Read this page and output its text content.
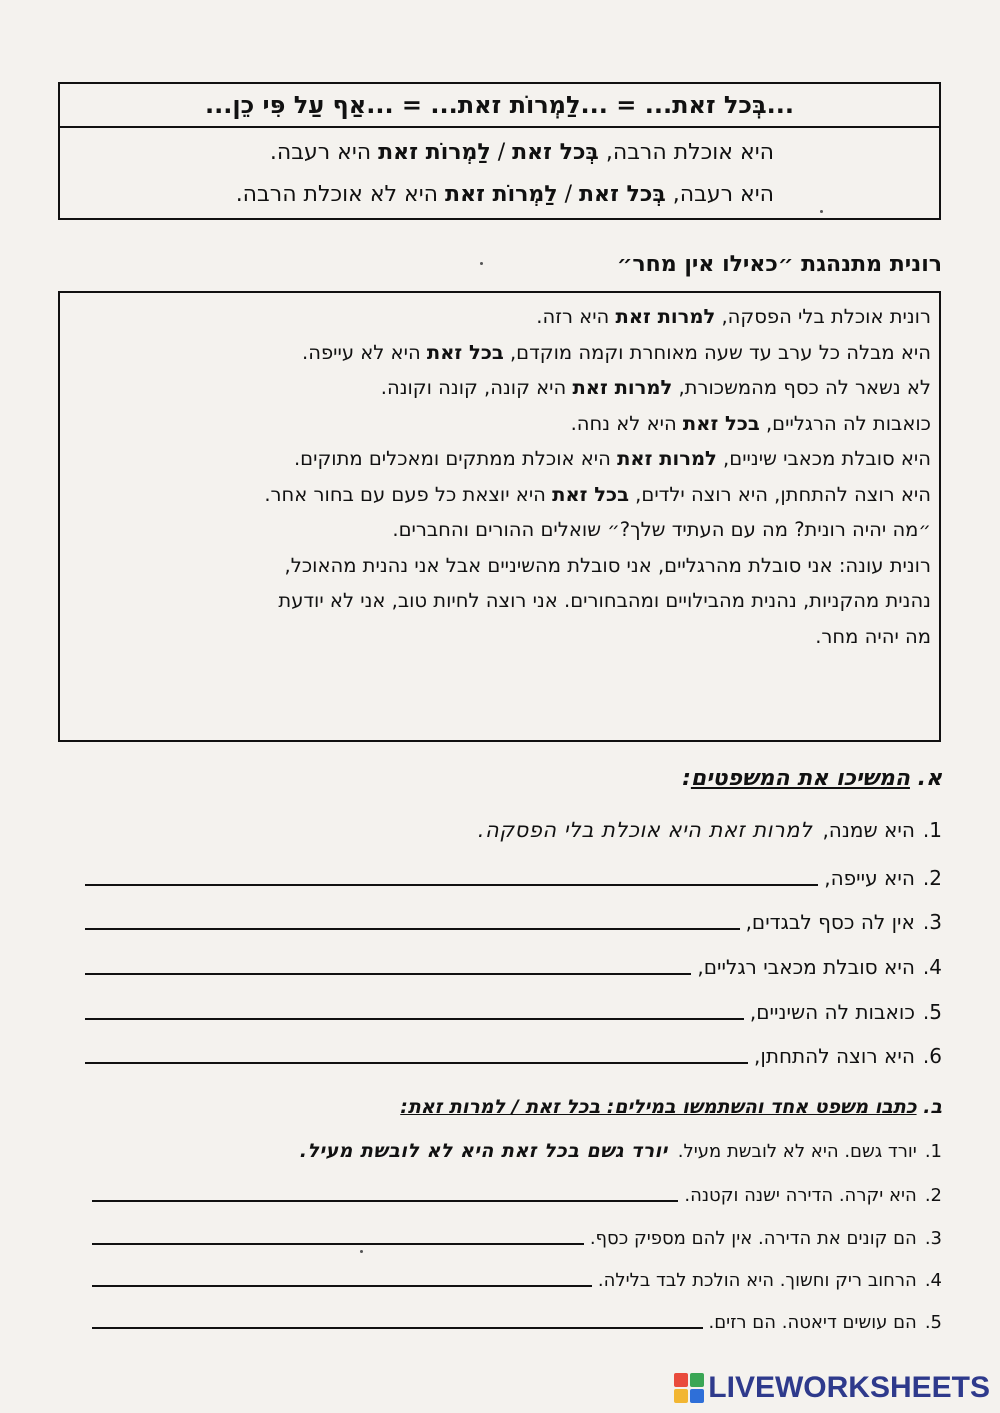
...בְּכל זאת... = ...לַמְרוֹת זאת... = ...אַף עַל פִּי כֵן...
היא אוכלת הרבה, בְּכל זאת / לַמְרוֹת זאת היא רעבה.
היא רעבה, בְּכל זאת / לַמְרוֹת זאת היא לא אוכלת הרבה.
רונית מתנהגת ״כאילו אין מחר״
רונית אוכלת בלי הפסקה, למרות זאת היא רזה.
היא מבלה כל ערב עד שעה מאוחרת וקמה מוקדם, בכל זאת היא לא עייפה.
לא נשאר לה כסף מהמשכורת, למרות זאת היא קונה, קונה וקונה.
כואבות לה הרגליים, בכל זאת היא לא נחה.
היא סובלת מכאבי שיניים, למרות זאת היא אוכלת ממתקים ומאכלים מתוקים.
היא רוצה להתחתן, היא רוצה ילדים, בכל זאת היא יוצאת כל פעם עם בחור אחר.
״מה יהיה רונית? מה עם העתיד שלך?״ שואלים ההורים והחברים.
רונית עונה: אני סובלת מהרגליים, אני סובלת מהשיניים אבל אני נהנית מהאוכל,
נהנית מהקניות, נהנית מהבילויים ומהבחורים. אני רוצה לחיות טוב, אני לא יודעת
מה יהיה מחר.
א. המשיכו את המשפטים:
1.
היא שמנה,
למרות זאת היא אוכלת בלי הפסקה.
2.
היא עייפה,
3.
אין לה כסף לבגדים,
4.
היא סובלת מכאבי רגליים,
5.
כואבות לה השיניים,
6.
היא רוצה להתחתן,
ב. כתבו משפט אחד והשתמשו במילים: בכל זאת / למרות זאת:
1.
יורד גשם. היא לא לובשת מעיל.
יורד גשם בכל זאת היא לא לובשת מעיל.
2.
היא יקרה. הדירה ישנה וקטנה.
3.
הם קונים את הדירה. אין להם מספיק כסף.
4.
הרחוב ריק וחשוך. היא הולכת לבד בלילה.
5.
הם עושים דיאטה. הם רזים.
LIVEWORKSHEETS
